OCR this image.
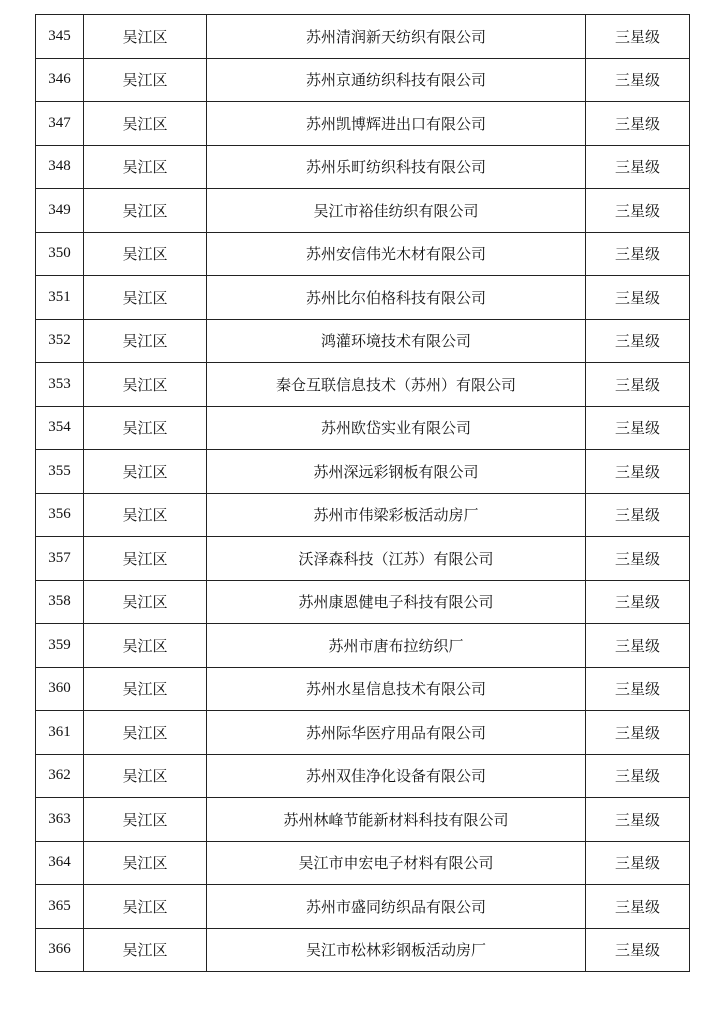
345	吴江区	苏州清润新天纺织有限公司	三星级
346	吴江区	苏州京通纺织科技有限公司	三星级
347	吴江区	苏州凯博辉进出口有限公司	三星级
348	吴江区	苏州乐町纺织科技有限公司	三星级
349	吴江区	吴江市裕佳纺织有限公司	三星级
350	吴江区	苏州安信伟光木材有限公司	三星级
351	吴江区	苏州比尔伯格科技有限公司	三星级
352	吴江区	鸿灌环境技术有限公司	三星级
353	吴江区	秦仓互联信息技术（苏州）有限公司	三星级
354	吴江区	苏州欧岱实业有限公司	三星级
355	吴江区	苏州深远彩钢板有限公司	三星级
356	吴江区	苏州市伟梁彩板活动房厂	三星级
357	吴江区	沃泽森科技（江苏）有限公司	三星级
358	吴江区	苏州康恩健电子科技有限公司	三星级
359	吴江区	苏州市唐布拉纺织厂	三星级
360	吴江区	苏州水星信息技术有限公司	三星级
361	吴江区	苏州际华医疗用品有限公司	三星级
362	吴江区	苏州双佳净化设备有限公司	三星级
363	吴江区	苏州林峰节能新材料科技有限公司	三星级
364	吴江区	吴江市申宏电子材料有限公司	三星级
365	吴江区	苏州市盛同纺织品有限公司	三星级
366	吴江区	吴江市松林彩钢板活动房厂	三星级
